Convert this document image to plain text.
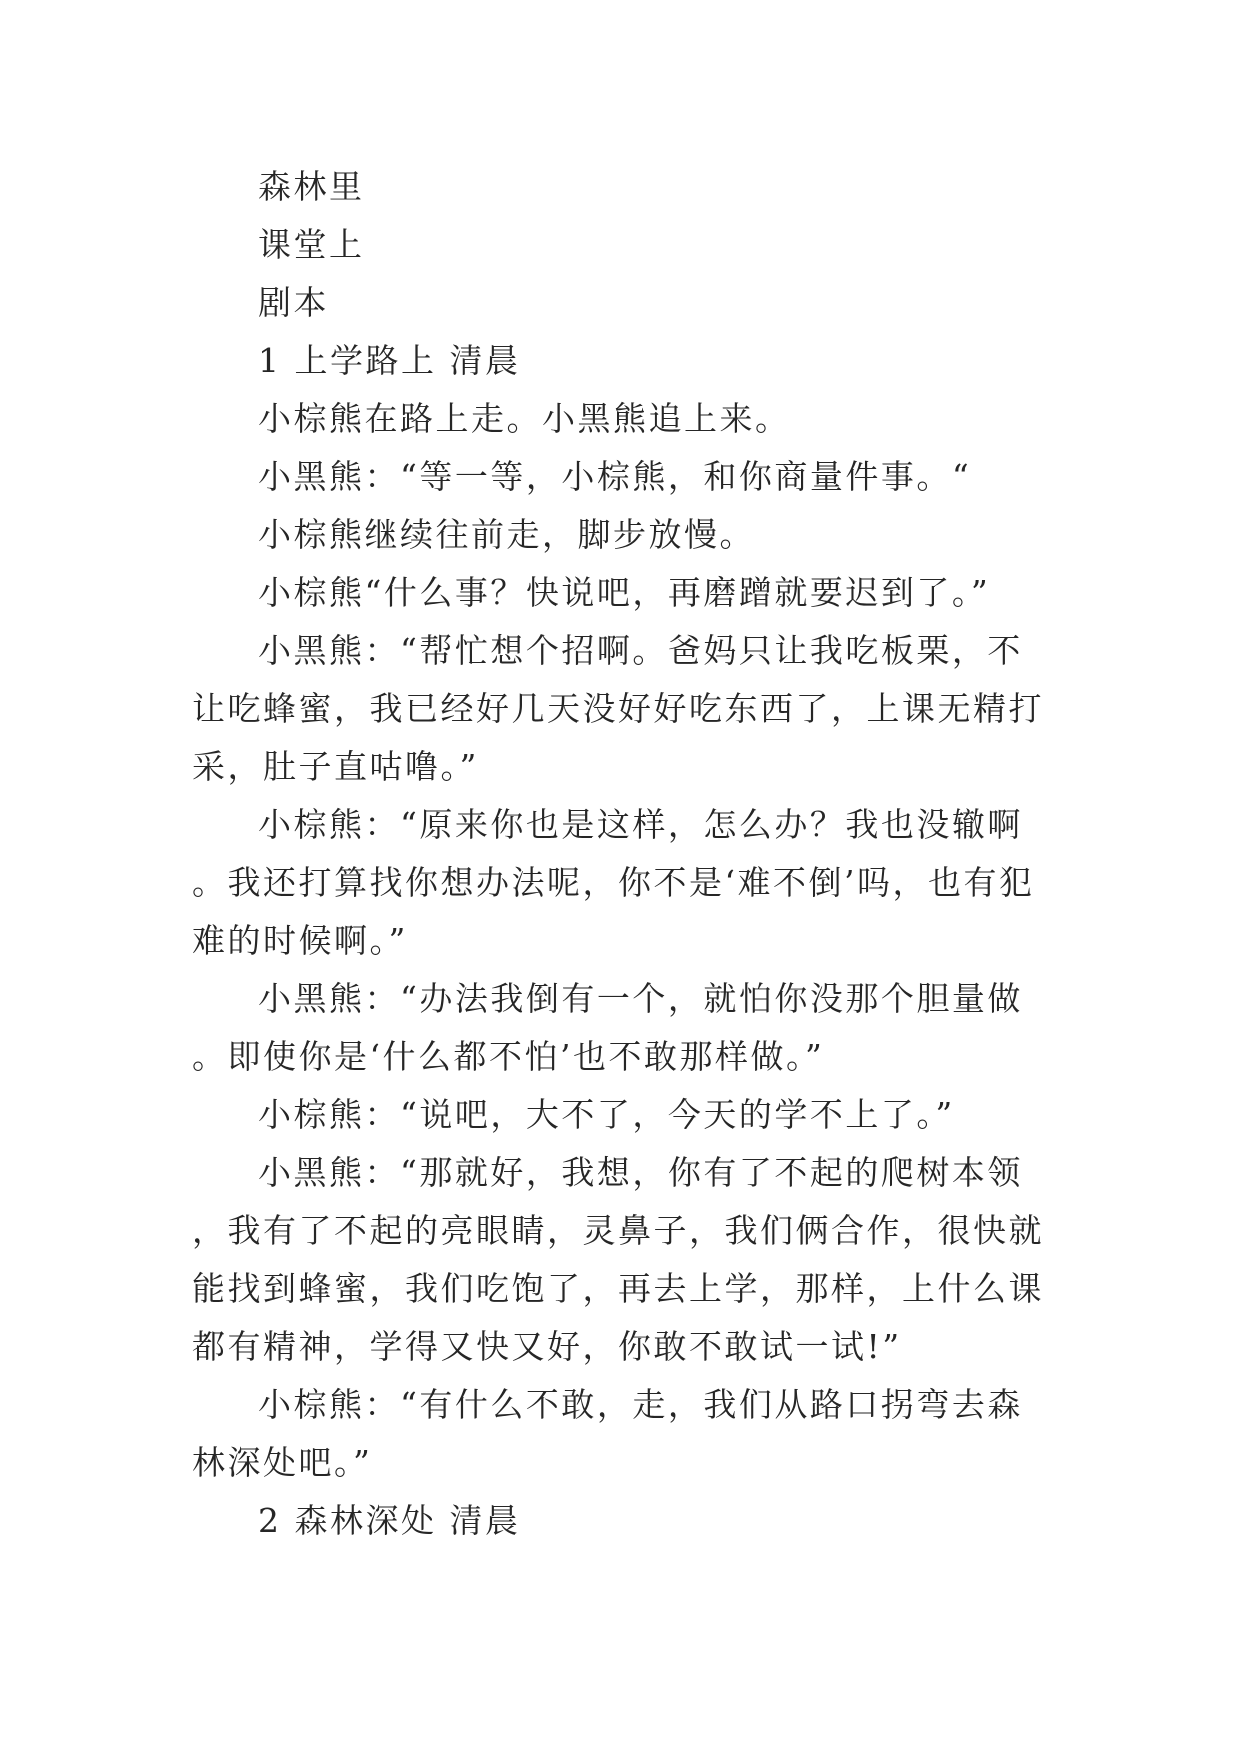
森林里

课堂上

剧本

1 上学路上 清晨

小棕熊在路上走。小黑熊追上来。

小黑熊：“等一等，小棕熊，和你商量件事。“

小棕熊继续往前走，脚步放慢。

小棕熊“什么事？快说吧，再磨蹭就要迟到了。”

小黑熊：“帮忙想个招啊。爸妈只让我吃板栗，不让吃蜂蜜，我已经好几天没好好吃东西了，上课无精打采，肚子直咕噜。”

小棕熊：“原来你也是这样，怎么办？我也没辙啊。我还打算找你想办法呢，你不是‘难不倒’吗，也有犯难的时候啊。”

小黑熊：“办法我倒有一个，就怕你没那个胆量做。即使你是‘什么都不怕’也不敢那样做。”

小棕熊：“说吧，大不了，今天的学不上了。”

小黑熊：“那就好，我想，你有了不起的爬树本领，我有了不起的亮眼睛，灵鼻子，我们俩合作，很快就能找到蜂蜜，我们吃饱了，再去上学，那样，上什么课都有精神，学得又快又好，你敢不敢试一试!”

小棕熊：“有什么不敢，走，我们从路口拐弯去森林深处吧。”

2 森林深处 清晨
